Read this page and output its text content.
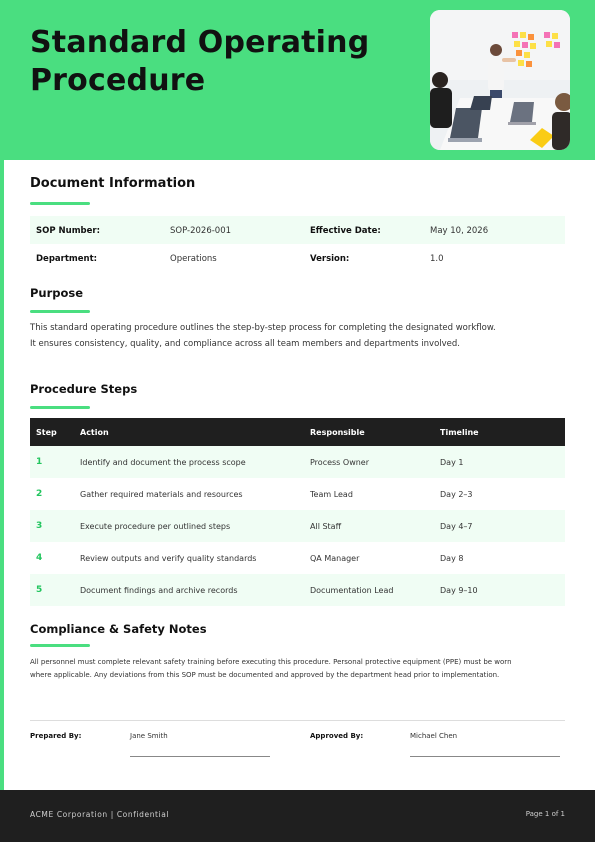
Standard Operating
Procedure
Document Information
SOP Number:	SOP-2026-001	Effective Date:	May 10, 2026
Department:	Operations	Version:	1.0
Purpose
This standard operating procedure outlines the step-by-step process for completing the designated workflow.
It ensures consistency, quality, and compliance across all team members and departments involved.
Procedure Steps
Step	Action	Responsible	Timeline
1	Identify and document the process scope	Process Owner	Day 1
2	Gather required materials and resources	Team Lead	Day 2–3
3	Execute procedure per outlined steps	All Staff	Day 4–7
4	Review outputs and verify quality standards	QA Manager	Day 8
5	Document findings and archive records	Documentation Lead	Day 9–10
Compliance & Safety Notes
All personnel must complete relevant safety training before executing this procedure. Personal protective equipment (PPE) must be worn
where applicable. Any deviations from this SOP must be documented and approved by the department head prior to implementation.
Prepared By:	Jane Smith	Approved By:	Michael Chen
ACME Corporation | Confidential	Page 1 of 1
